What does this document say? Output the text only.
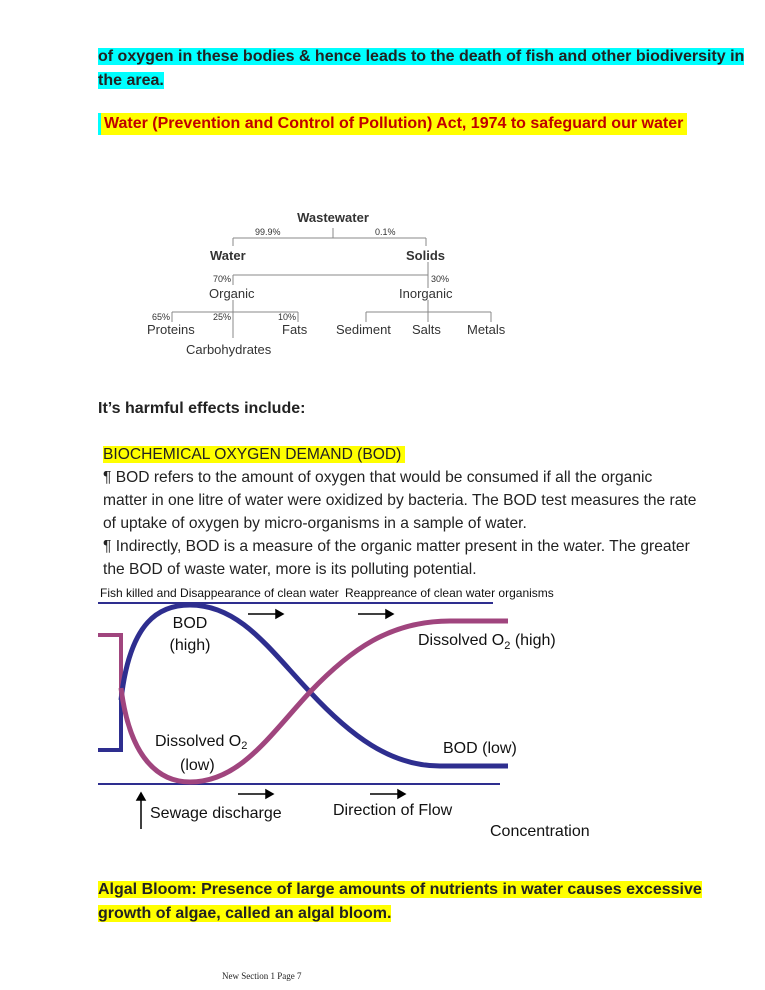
of oxygen in these bodies & hence leads to the death of fish and other biodiversity in
the area.
Water (Prevention and Control of Pollution) Act, 1974 to safeguard our water
Wastewater
99.9%	0.1%
Water	Solids
70%	30%
Organic	Inorganic
65%	25%	10%
Proteins	Fats
Carbohydrates
Sediment Salts Metals
It’s harmful effects include:
BIOCHEMICAL OXYGEN DEMAND (BOD)
¶ BOD refers to the amount of oxygen that would be consumed if all the organic
matter in one litre of water were oxidized by bacteria. The BOD test measures the rate
of uptake of oxygen by micro-organisms in a sample of water.
¶ Indirectly, BOD is a measure of the organic matter present in the water. The greater
the BOD of waste water, more is its polluting potential.
Fish killed and Disappearance of clean water Reappreance of clean water organisms
BOD
(high)	Dissolved $O_2$ (high)
Dissolved O2
(low)
BOD (low)
Sewage discharge	Direction of Flow
Concentration
Algal Bloom: Presence of large amounts of nutrients in water causes excessive
growth of algae, called an algal bloom.
New Section 1 Page 7
